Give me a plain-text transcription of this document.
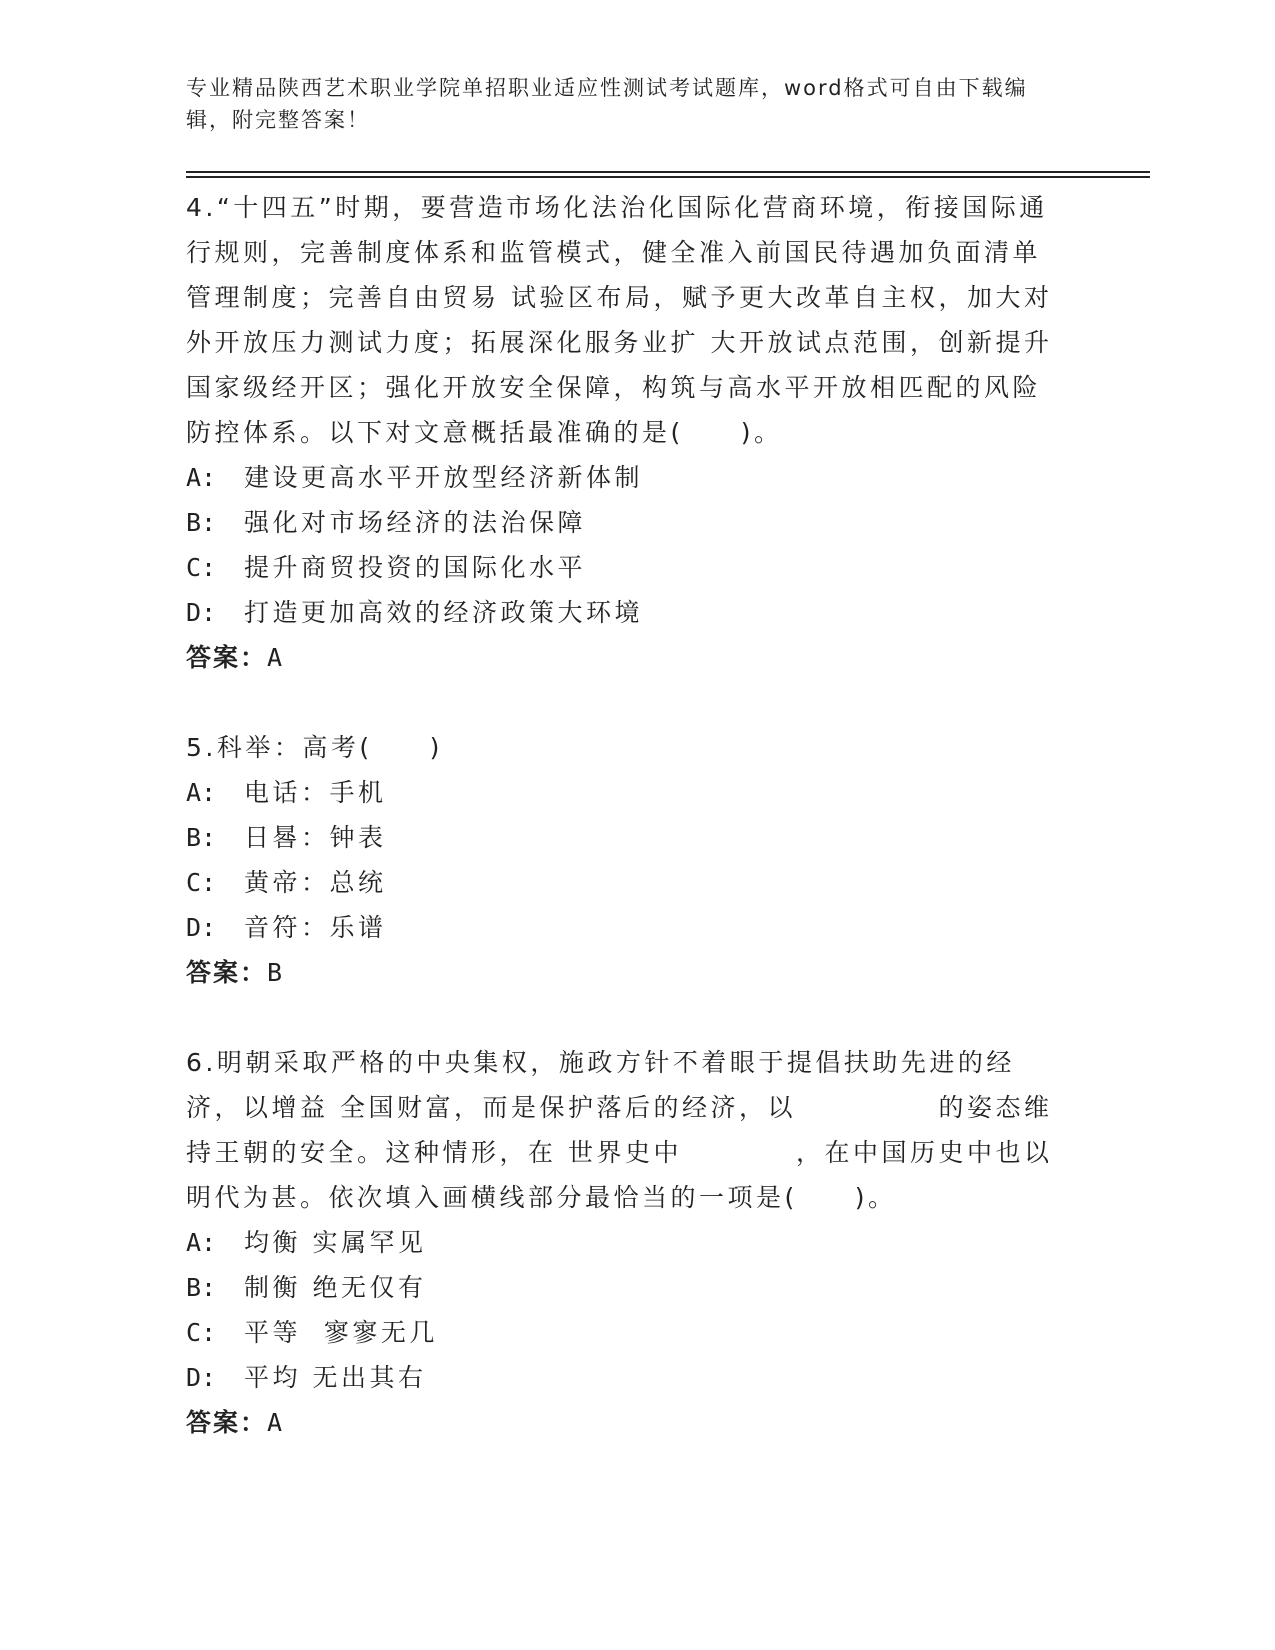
专业精品陕西艺术职业学院单招职业适应性测试考试题库，word格式可自由下载编辑，附完整答案！

4.“十四五”时期，要营造市场化法治化国际化营商环境，衔接国际通行规则，完善制度体系和监管模式，健全准入前国民待遇加负面清单管理制度；完善自由贸易 试验区布局，赋予更大改革自主权，加大对外开放压力测试力度；拓展深化服务业扩 大开放试点范围，创新提升国家级经开区；强化开放安全保障，构筑与高水平开放相匹配的风险防控体系。以下对文意概括最准确的是(　　)。

A: 建设更高水平开放型经济新体制

B: 强化对市场经济的法治保障

C: 提升商贸投资的国际化水平

D: 打造更加高效的经济政策大环境

答案：A

5.科举：高考(　　)

A: 电话：手机

B: 日晷：钟表

C: 黄帝：总统

D: 音符：乐谱

答案：B

6.明朝采取严格的中央集权，施政方针不着眼于提倡扶助先进的经济，以增益 全国财富，而是保护落后的经济，以　　　　　的姿态维持王朝的安全。这种情形，在 世界史中　　　　，在中国历史中也以明代为甚。依次填入画横线部分最恰当的一项是(　　)。

A: 均衡 实属罕见

B: 制衡 绝无仅有

C: 平等  寥寥无几

D: 平均 无出其右

答案：A
